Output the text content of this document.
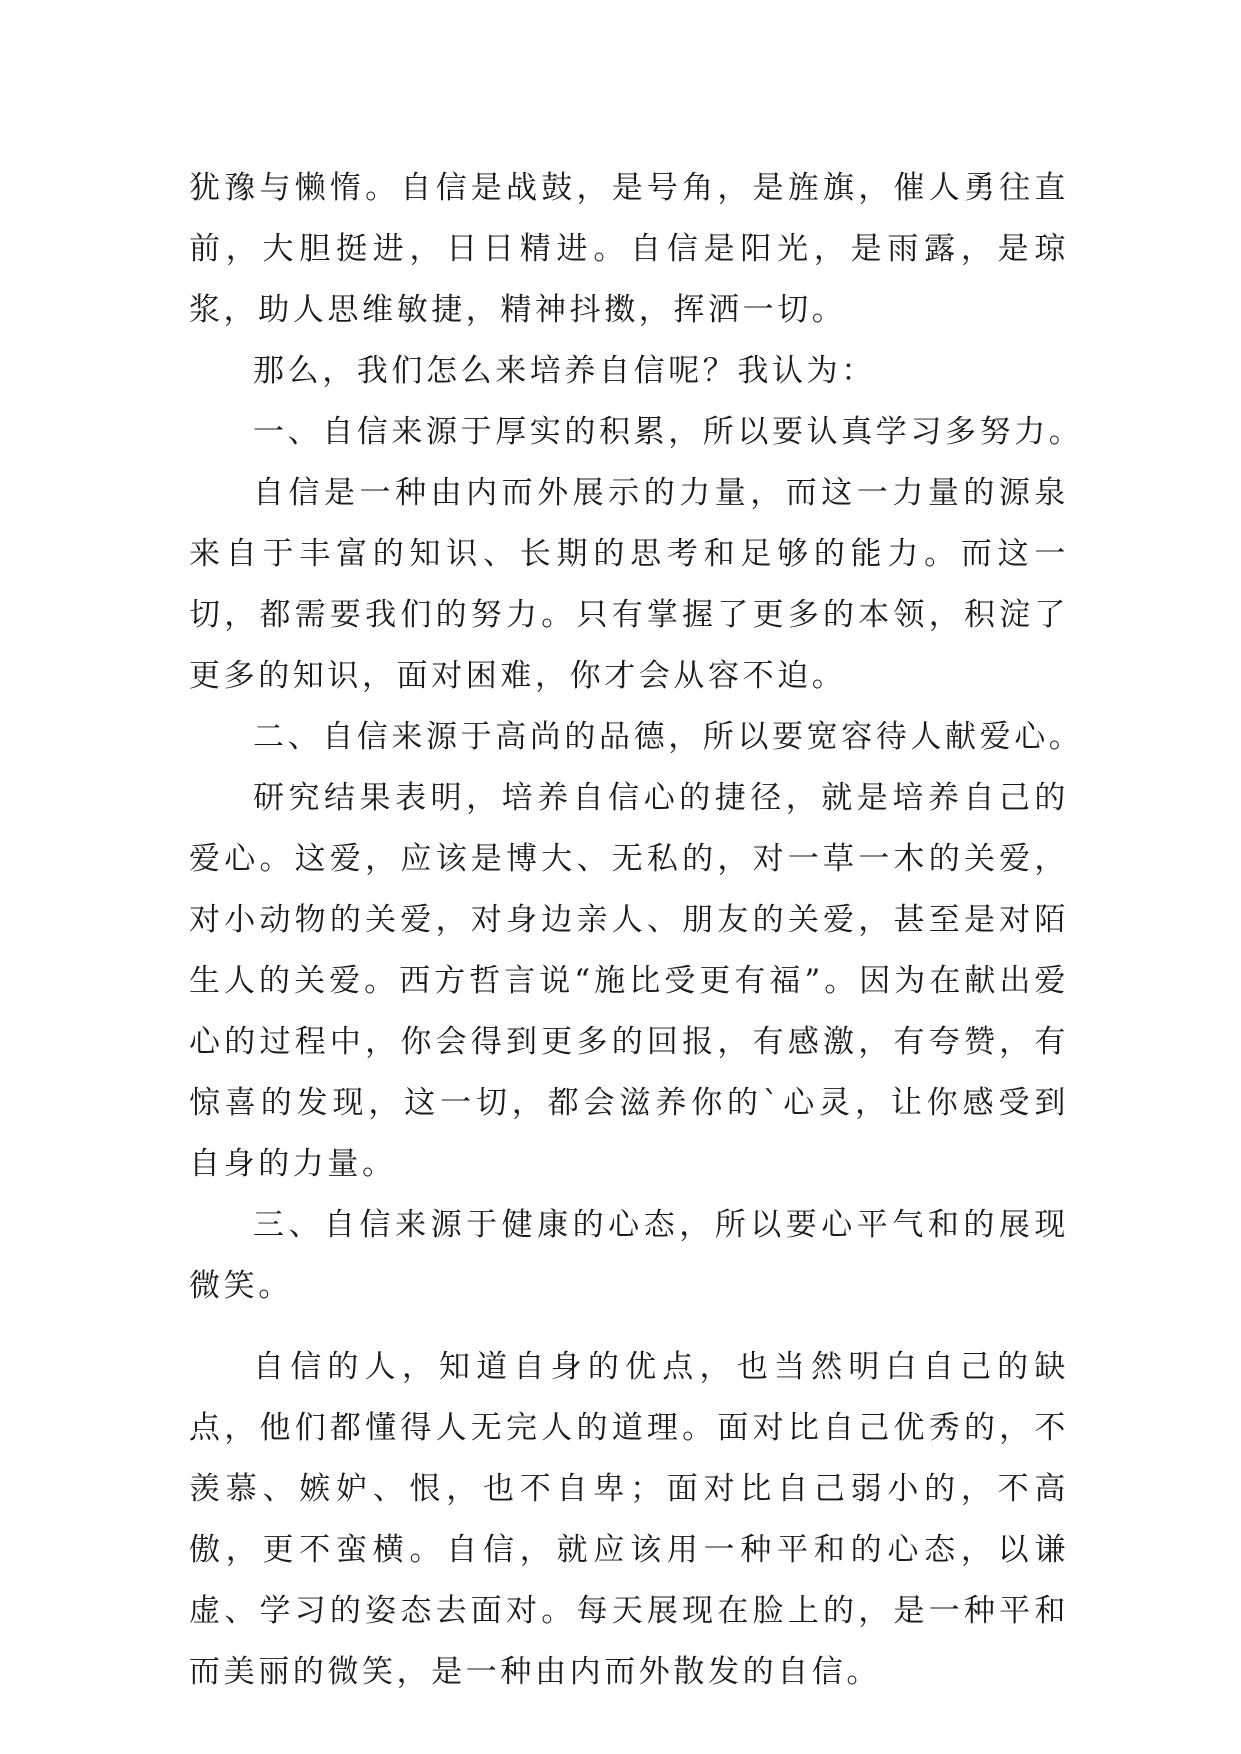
犹豫与懒惰。自信是战鼓，是号角，是旌旗，催人勇往直前，大胆挺进，日日精进。自信是阳光，是雨露，是琼浆，助人思维敏捷，精神抖擞，挥洒一切。

那么，我们怎么来培养自信呢？我认为：

一、自信来源于厚实的积累，所以要认真学习多努力。

自信是一种由内而外展示的力量，而这一力量的源泉来自于丰富的知识、长期的思考和足够的能力。而这一切，都需要我们的努力。只有掌握了更多的本领，积淀了更多的知识，面对困难，你才会从容不迫。

二、自信来源于高尚的品德，所以要宽容待人献爱心。

研究结果表明，培养自信心的捷径，就是培养自己的爱心。这爱，应该是博大、无私的，对一草一木的关爱，对小动物的关爱，对身边亲人、朋友的关爱，甚至是对陌生人的关爱。西方哲言说“施比受更有福”。因为在献出爱心的过程中，你会得到更多的回报，有感激，有夸赞，有惊喜的发现，这一切，都会滋养你的`心灵，让你感受到自身的力量。

三、自信来源于健康的心态，所以要心平气和的展现微笑。

自信的人，知道自身的优点，也当然明白自己的缺点，他们都懂得人无完人的道理。面对比自己优秀的，不羡慕、嫉妒、恨，也不自卑；面对比自己弱小的，不高傲，更不蛮横。自信，就应该用一种平和的心态，以谦虚、学习的姿态去面对。每天展现在脸上的，是一种平和而美丽的微笑，是一种由内而外散发的自信。
